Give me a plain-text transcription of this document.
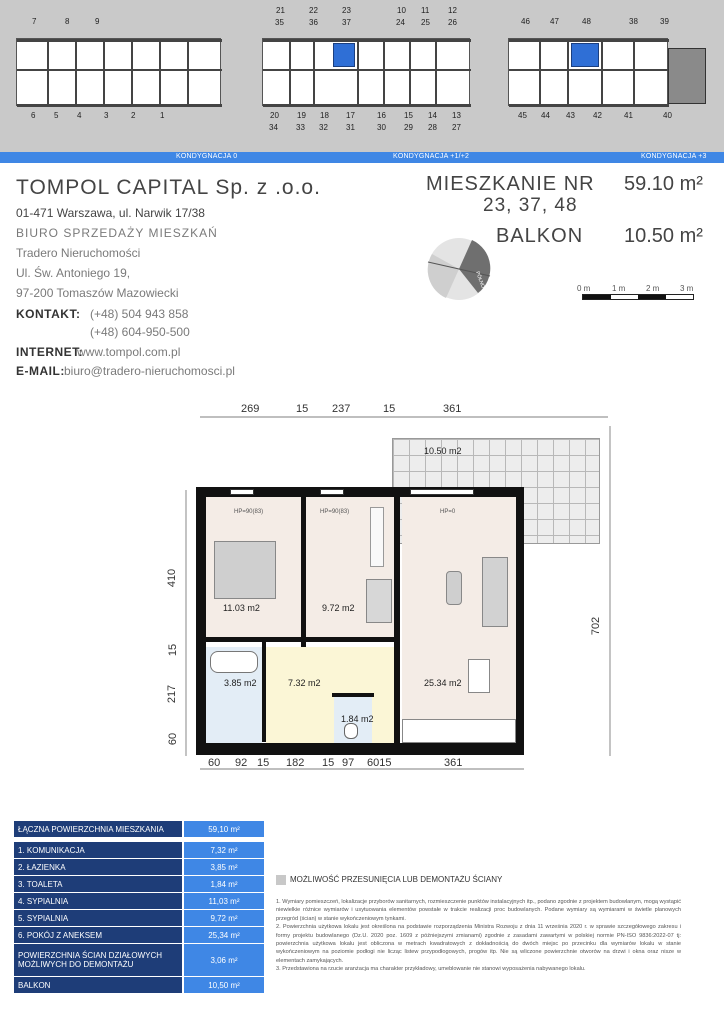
7	8	9
6 5 4	3	2	1
21	22	23	10 11 12
35	36	37	24 25 26
20 19 18 17	16 15 14 13
34 33 32 31	30 29 28 27
46	47	48	38	39
45 44 43 42	41	40
KONDYGNACJA 0	KONDYGNACJA +1/+2	KONDYGNACJA +3
TOMPOL CAPITAL Sp. z .o.o.
01-471 Warszawa, ul. Narwik 17/38
BIURO SPRZEDAŻY MIESZKAŃ
Tradero Nieruchomości
Ul. Św. Antoniego 19,
97-200 Tomaszów Mazowiecki
KONTAKT: (+48) 504 943 858
(+48) 604-950-500
INTERNET:
www.tompol.com.pl
E-MAIL: biuro@tradero-nieruchomosci.pl
MIESZKANIE NR
23, 37, 48
59.10 m²
BALKON 10.50 m²
PÓŁNOC	0 m	1 m	2 m	3 m
269	15 237	15	361
60 92 15 182 15 97 6015	361
410
15
217
60
702
10.50 m2
11.03 m2	9.72 m2
3.85 m2	7.32 m2
1.84 m2
25.34 m2
HP=90(83)	HP=90(83)	HP=0
ŁĄCZNA POWIERZCHNIA MIESZKANIA	59,10 m²
1. KOMUNIKACJA	7,32 m²
2. ŁAZIENKA	3,85 m²
3. TOALETA	1,84 m²
4. SYPIALNIA	11,03 m²
5. SYPIALNIA	9,72 m²
6. POKÓJ Z ANEKSEM	25,34 m²
POWIERZCHNIA ŚCIAN DZIAŁOWYCH MOŻLIWYCH DO DEMONTAŻU	3,06 m²
BALKON	10,50 m²
MOŻLIWOŚĆ PRZESUNIĘCIA LUB DEMONTAŻU ŚCIANY

1. Wymiary pomieszczeń, lokalizacje przyborów sanitarnych, rozmieszczenie punktów instalacyjnych itp., podano zgodnie z projektem budowlanym, mogą wystąpić niewielkie różnice wymiarów i usytuowania elementów powstałe w trakcie realizacji proc budowlanych. Podane wymiary są wymiarami w świetle planowych przegród (ścian) w stanie wykończeniowym tynkami.

2. Powierzchnia użytkowa lokalu jest określona na podstawie rozporządzenia Ministra Rozwoju z dnia 11 września 2020 r. w sprawie szczegółowego zakresu i formy projektu budowlanego (Dz.U. 2020 poz. 1609 z późniejszymi zmianami) zgodnie z zasadami zawartymi w polskiej normie PN-ISO 9836:2022-07 tj: powierzchnia użytkowa lokalu jest obliczona w metrach kwadratowych z dokładnością do dwóch miejsc po przecinku dla wymiarów lokalu w stanie wykończeniowym na poziomie podłogi nie licząc listew przypodłogowych, progów itp. Nie są wliczone powierzchnie otworów na drzwi i okna oraz nisze w elementach zamykających.

3. Przedstawiona na rzucie aranżacja ma charakter przykładowy, umeblowanie nie stanowi wyposażenia nabywanego lokalu.
